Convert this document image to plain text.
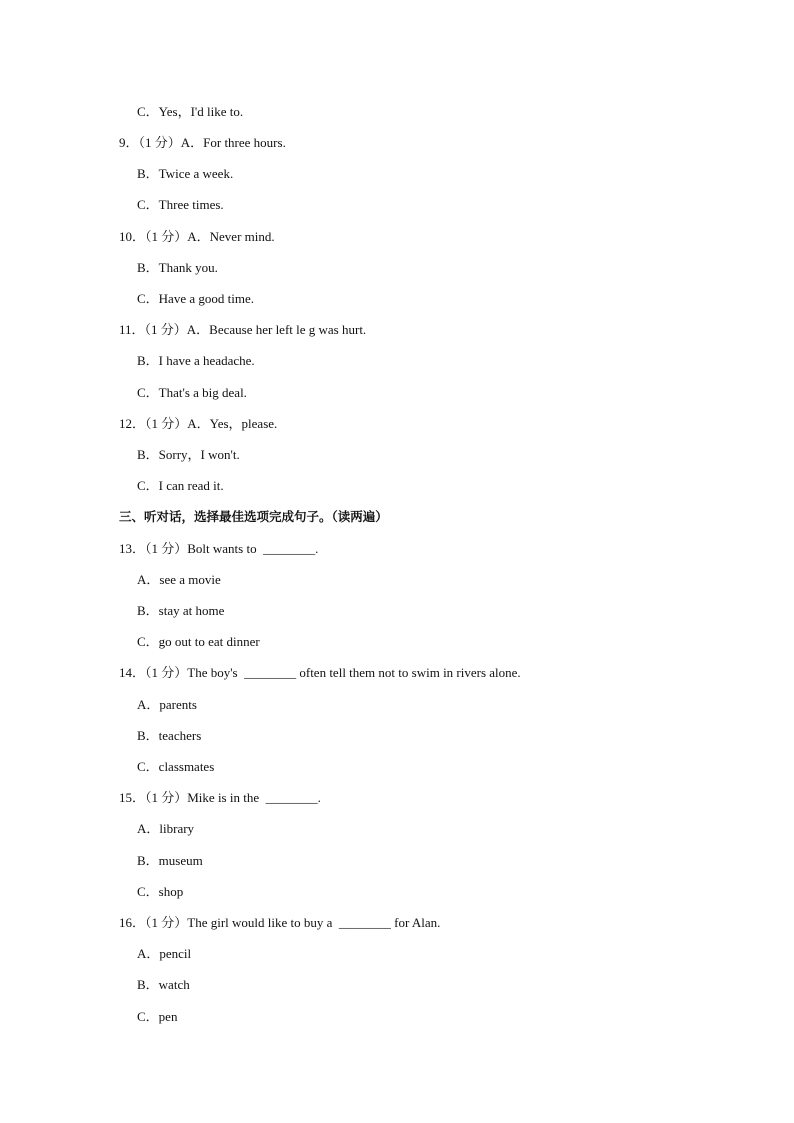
C．Yes，I'd like to.
9．（1 分）A．For three hours.
B．Twice a week.
C．Three times.
10．（1 分）A．Never mind.
B．Thank you.
C．Have a good time.
11．（1 分）A．Because her left le g was hurt.
B．I have a headache.
C．That's a big deal.
12．（1 分）A．Yes，please.
B．Sorry，I won't.
C．I can read it.
三、听对话，选择最佳选项完成句子。（读两遍）
13．（1 分）Bolt wants to  ________.
A．see a movie
B．stay at home
C．go out to eat dinner
14．（1 分）The boy's  ________ often tell them not to swim in rivers alone.
A．parents
B．teachers
C．classmates
15．（1 分）Mike is in the  ________.
A．library
B．museum
C．shop
16．（1 分）The girl would like to buy a  ________ for Alan.
A．pencil
B．watch
C．pen
